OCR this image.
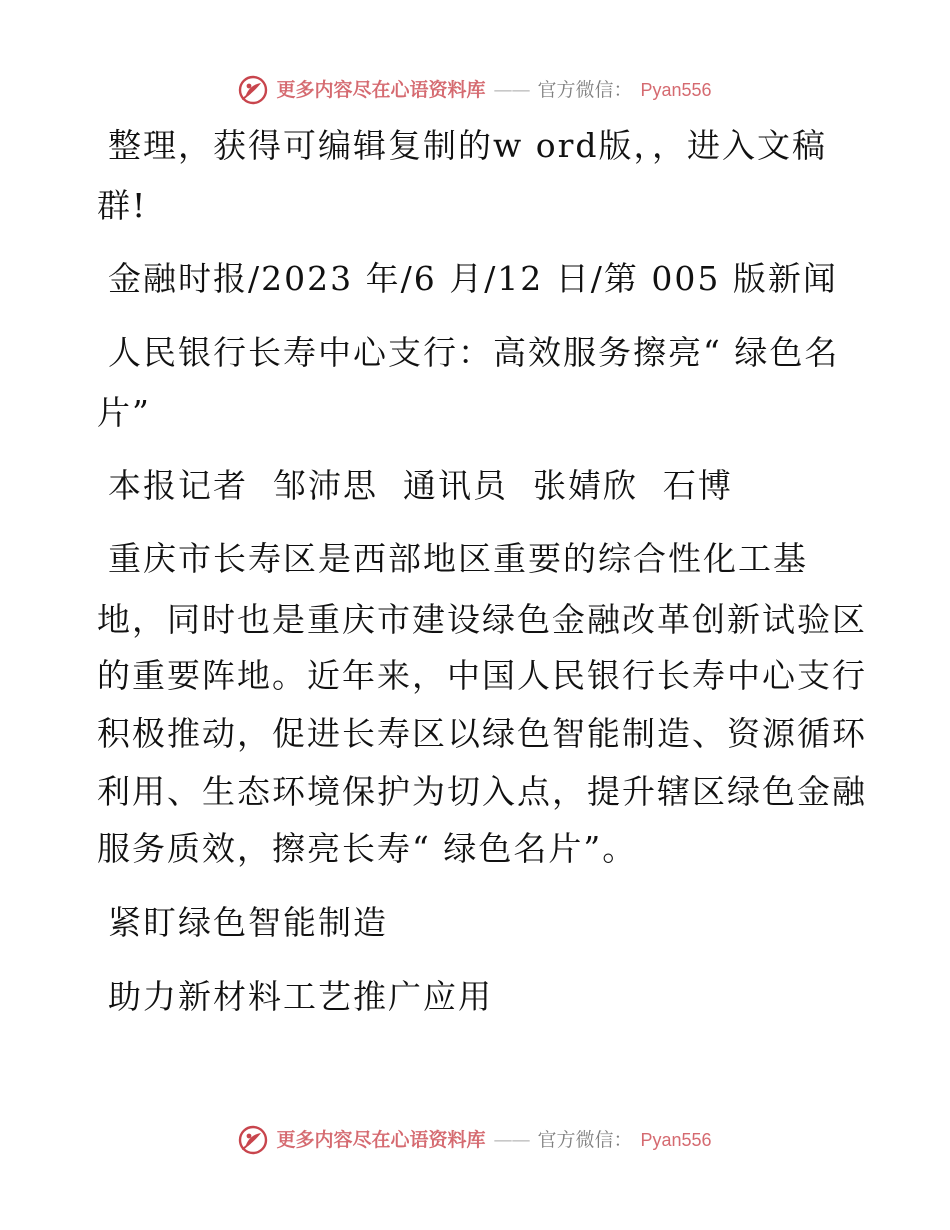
更多内容尽在心语资料库 —— 官方微信： Pyan556
整理，获得可编辑复制的w ord版，，进入文稿
群!
金融时报/2023 年/6 月/12 日/第 005 版新闻
人民银行长寿中心支行：高效服务擦亮“ 绿色名
片”
本报记者  邹沛思  通讯员  张婧欣  石博
重庆市长寿区是西部地区重要的综合性化工基
地，同时也是重庆市建设绿色金融改革创新试验区
的重要阵地。近年来，中国人民银行长寿中心支行
积极推动，促进长寿区以绿色智能制造、资源循环
利用、生态环境保护为切入点，提升辖区绿色金融
服务质效，擦亮长寿“ 绿色名片”。
紧盯绿色智能制造
助力新材料工艺推广应用
更多内容尽在心语资料库 —— 官方微信： Pyan556
